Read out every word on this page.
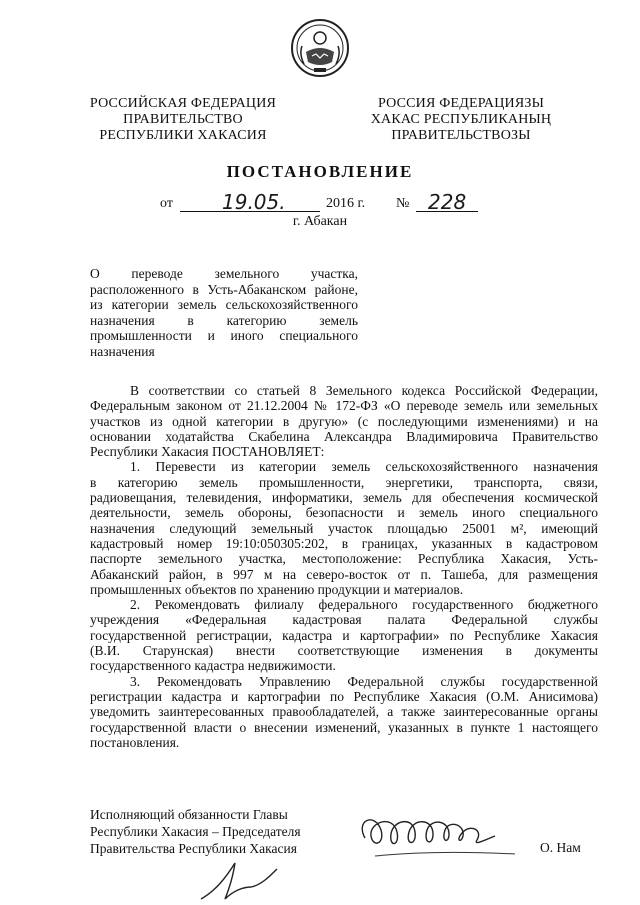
РОССИЙСКАЯ ФЕДЕРАЦИЯ
ПРАВИТЕЛЬСТВО
РЕСПУБЛИКИ ХАКАСИЯ
РОССИЯ ФЕДЕРАЦИЯЗЫ
ХАКАС РЕСПУБЛИКАНЫҢ
ПРАВИТЕЛЬСТВОЗЫ
ПОСТАНОВЛЕНИЕ
от 19.05.	2016 г. № 228
г. Абакан
О переводе земельного участка,
расположенного в Усть-Абаканском районе,
из категории земель сельскохозяйственного
назначения в категорию земель
промышленности и иного специального
назначения
В соответствии со статьей 8 Земельного кодекса Российской Федерации,
Федеральным законом от 21.12.2004 № 172-ФЗ «О переводе земель или земельных
участков из одной категории в другую» (с последующими изменениями) и на
основании ходатайства Скабелина Александра Владимировича Правительство
Республики Хакасия ПОСТАНОВЛЯЕТ:
1. Перевести из категории земель сельскохозяйственного назначения
в категорию земель промышленности, энергетики, транспорта, связи,
радиовещания, телевидения, информатики, земель для обеспечения космической
деятельности, земель обороны, безопасности и земель иного специального
назначения следующий земельный участок площадью 25001 м², имеющий
кадастровый номер 19:10:050305:202, в границах, указанных в кадастровом
паспорте земельного участка, местоположение: Республика Хакасия, Усть-
Абаканский район, в 997 м на северо-восток от п. Ташеба, для размещения
промышленных объектов по хранению продукции и материалов.
2. Рекомендовать филиалу федерального государственного бюджетного
учреждения «Федеральная кадастровая палата Федеральной службы
государственной регистрации, кадастра и картографии» по Республике Хакасия
(В.И. Старунская) внести соответствующие изменения в документы
государственного кадастра недвижимости.
3. Рекомендовать Управлению Федеральной службы государственной
регистрации кадастра и картографии по Республике Хакасия (О.М. Анисимова)
уведомить заинтересованных правообладателей, а также заинтересованные органы
государственной власти о внесении изменений, указанных в пункте 1 настоящего
постановления.
Исполняющий обязанности Главы
Республики Хакасия – Председателя
Правительства Республики Хакасия	О. Нам
